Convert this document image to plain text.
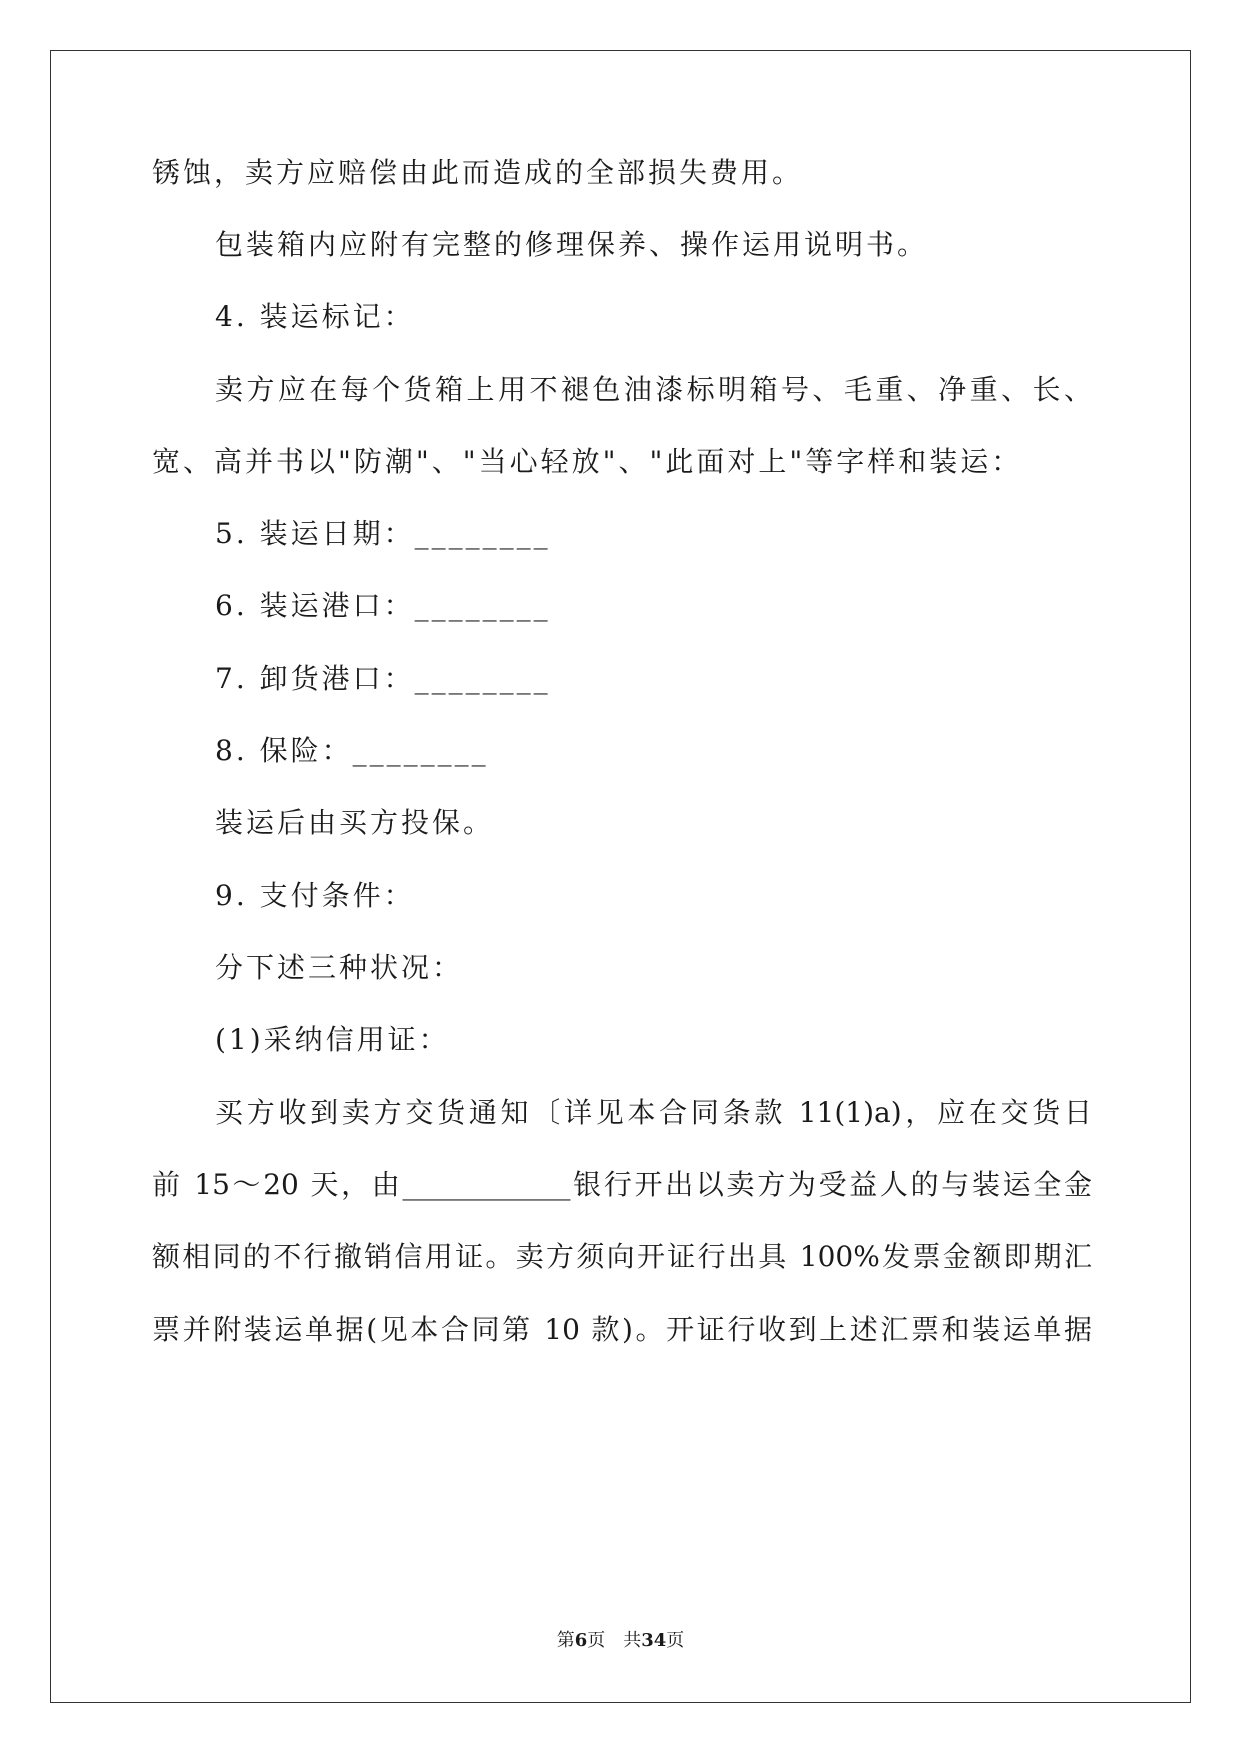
锈蚀，卖方应赔偿由此而造成的全部损失费用。
包装箱内应附有完整的修理保养、操作运用说明书。
4. 装运标记：
卖方应在每个货箱上用不褪色油漆标明箱号、毛重、净重、长、
宽、高并书以"防潮"、"当心轻放"、"此面对上"等字样和装运：
5. 装运日期：________
6. 装运港口：________
7. 卸货港口：________
8. 保险：________
装运后由买方投保。
9. 支付条件：
分下述三种状况：
(1)采纳信用证：
买方收到卖方交货通知〔详见本合同条款 11(1)a)，应在交货日
前 15～20 天，由____________银行开出以卖方为受益人的与装运全金
额相同的不行撤销信用证。卖方须向开证行出具 100%发票金额即期汇
票并附装运单据(见本合同第 10 款)。开证行收到上述汇票和装运单据
第6页　共34页
